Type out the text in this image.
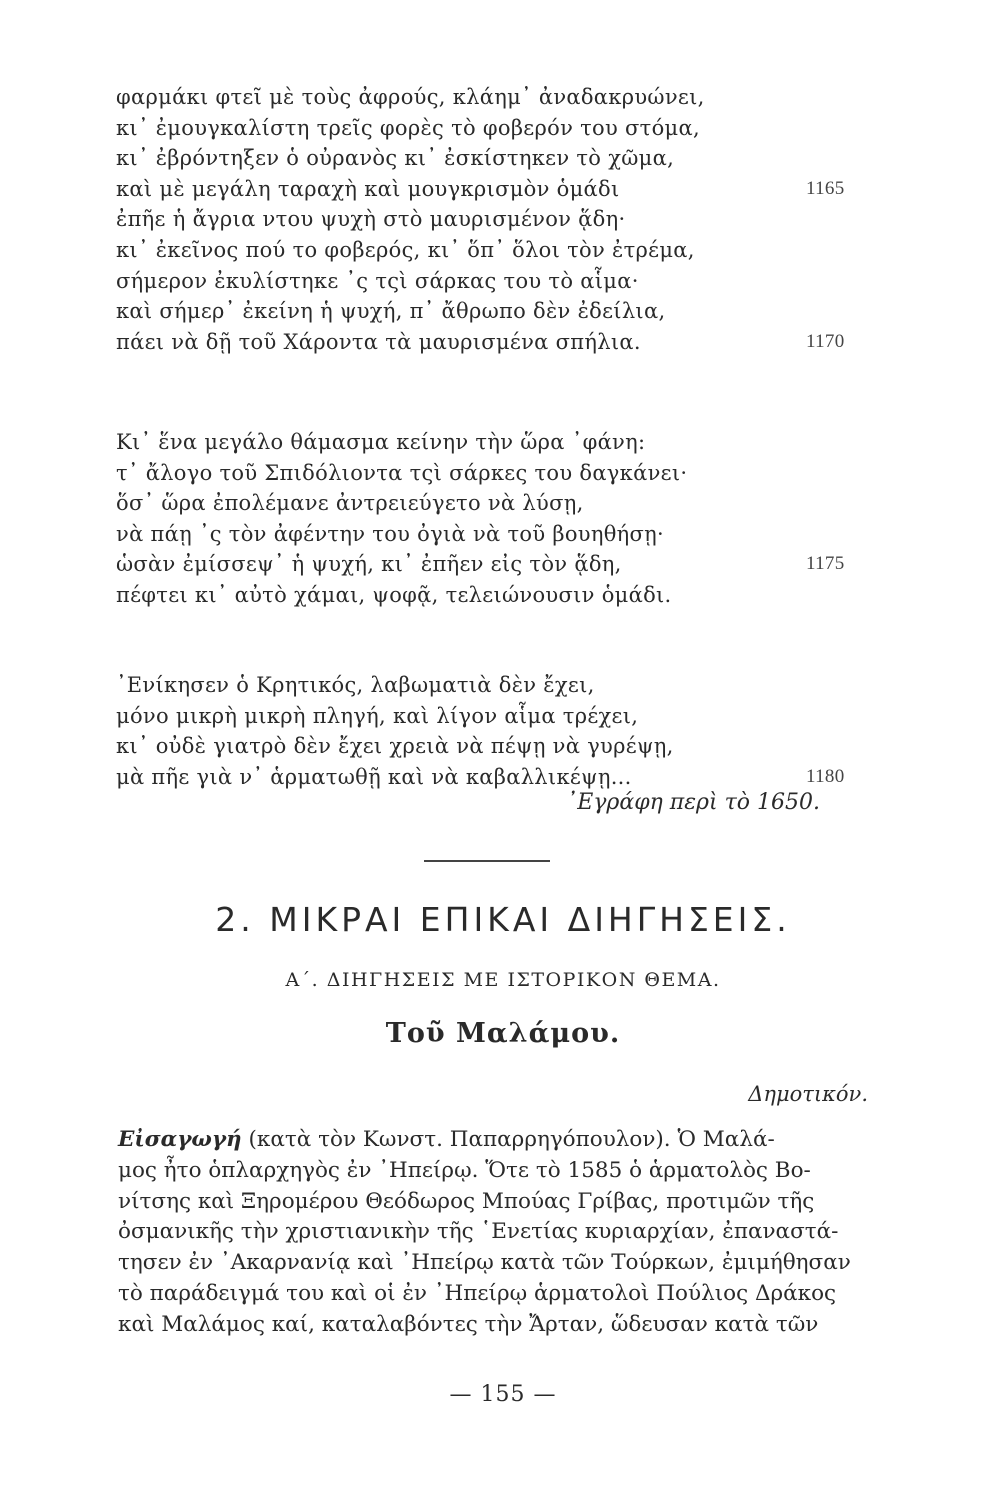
φαρμάκι φτεῖ μὲ τοὺς ἀφρούς, κλάημ᾽ ἀναδακρυώνει,
κι᾽ ἐμουγκαλίστη τρεῖς φορὲς τὸ φοβερόν του στόμα,
κι᾽ ἐβρόντηξεν ὁ οὐρανὸς κι᾽ ἐσκίστηκεν τὸ χῶμα,
καὶ μὲ μεγάλη ταραχὴ καὶ μουγκρισμὸν ὁμάδι	1165
ἐπῆε ἡ ἄγρια ντου ψυχὴ στὸ μαυρισμένον ᾅδη·
κι᾽ ἐκεῖνος πού το φοβερός, κι᾽ ὅπ᾽ ὅλοι τὸν ἐτρέμα,
σήμερον ἐκυλίστηκε ᾽ς τςὶ σάρκας του τὸ αἷμα·
καὶ σήμερ᾽ ἐκείνη ἡ ψυχή, π᾽ ἄθρωπο δὲν ἐδείλια,
πάει νὰ δῇ τοῦ Χάροντα τὰ μαυρισμένα σπήλια.	1170
Κι᾽ ἕνα μεγάλο θάμασμα κείνην τὴν ὥρα ᾽φάνη:
τ᾽ ἄλογο τοῦ Σπιδόλιοντα τςὶ σάρκες του δαγκάνει·
ὅσ᾽ ὥρα ἐπολέμανε ἀντρειεύγετο νὰ λύσῃ,
νὰ πάῃ ᾽ς τὸν ἀφέντην του ὀγιὰ νὰ τοῦ βουηθήσῃ·
ὡσὰν ἐμίσσεψ᾽ ἡ ψυχή, κι᾽ ἐπῆεν εἰς τὸν ᾅδη,	1175
πέφτει κι᾽ αὐτὸ χάμαι, ψοφᾷ, τελειώνουσιν ὁμάδι.
᾽Ενίκησεν ὁ Κρητικός, λαβωματιὰ δὲν ἔχει,
μόνο μικρὴ μικρὴ πληγή, καὶ λίγον αἷμα τρέχει,
κι᾽ οὐδὲ γιατρὸ δὲν ἔχει χρειὰ νὰ πέψῃ νὰ γυρέψῃ,
μὰ πῆε γιὰ ν᾽ ἁρματωθῇ καὶ νὰ καβαλλικέψῃ...	1180
᾽Εγράφη περὶ τὸ 1650.
2. ΜΙΚΡΑΙ ΕΠΙΚΑΙ ΔΙΗΓΗΣΕΙΣ.
Α΄. ΔΙΗΓΗΣΕΙΣ ΜΕ ΙΣΤΟΡΙΚΟΝ ΘΕΜΑ.
Τοῦ Μαλάμου.
Δημοτικόν.
Εἰσαγωγή (κατὰ τὸν Κωνστ. Παπαρρηγόπουλον). Ὁ Μαλά-
μος ἦτο ὁπλαρχηγὸς ἐν ᾽Ηπείρῳ. Ὅτε τὸ 1585 ὁ ἁρματολὸς Βο-
νίτσης καὶ Ξηρομέρου Θεόδωρος Μπούας Γρίβας, προτιμῶν τῆς
ὀσμανικῆς τὴν χριστιανικὴν τῆς ῾Ενετίας κυριαρχίαν, ἐπαναστά-
τησεν ἐν ᾽Ακαρνανίᾳ καὶ ᾽Ηπείρῳ κατὰ τῶν Τούρκων, ἐμιμήθησαν
τὸ παράδειγμά του καὶ οἱ ἐν ᾽Ηπείρῳ ἁρματολοὶ Πούλιος Δράκος
καὶ Μαλάμος καί, καταλαβόντες τὴν Ἄρταν, ὥδευσαν κατὰ τῶν
— 155 —
